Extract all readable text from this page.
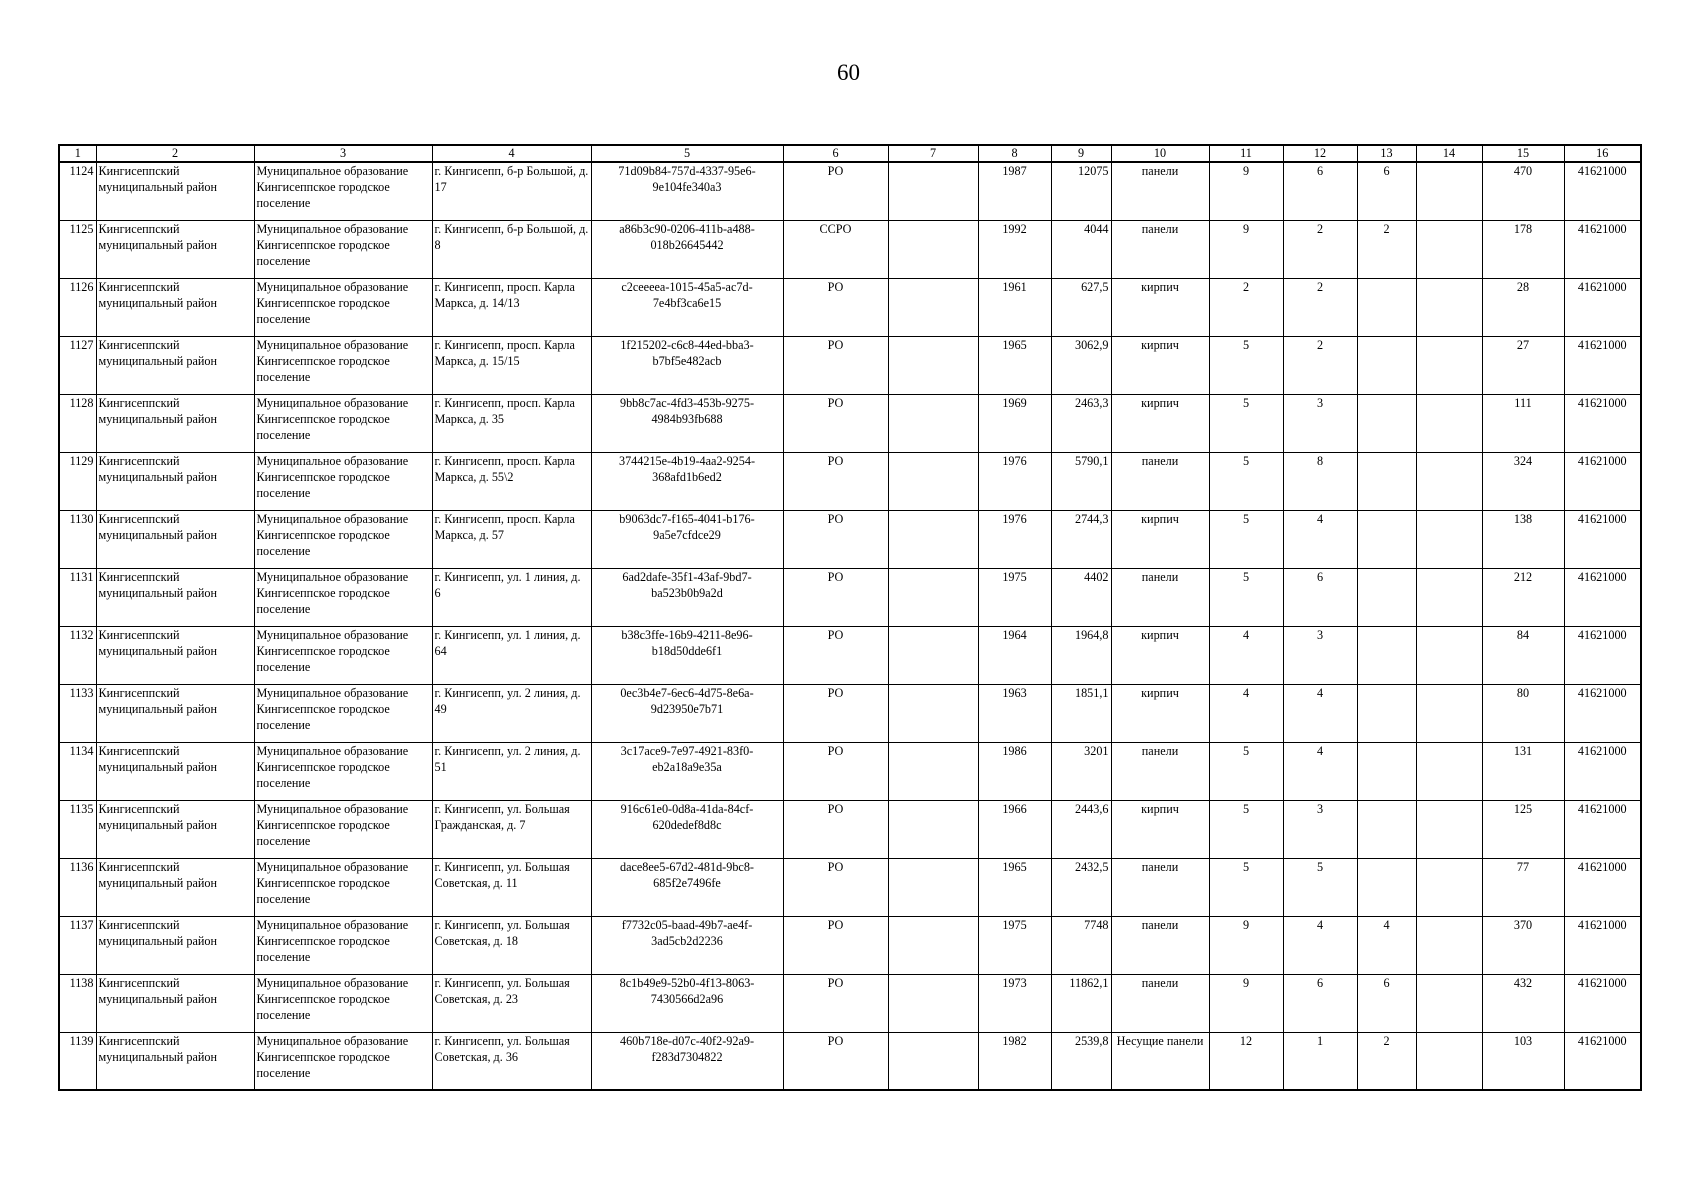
60
1	2	3	4	5	6	7	8	9	10	11	12	13	14	15	16
1124	Кингисеппский муниципальный район	Муниципальное образование Кингисеппское городское поселение	г. Кингисепп, б-р Большой, д. 17	71d09b84-757d-4337-95e6-9e104fe340a3	РО		1987	12075	панели	9	6	6		470	41621000
1125	Кингисеппский муниципальный район	Муниципальное образование Кингисеппское городское поселение	г. Кингисепп, б-р Большой, д. 8	a86b3c90-0206-411b-a488-018b26645442	ССРО		1992	4044	панели	9	2	2		178	41621000
1126	Кингисеппский муниципальный район	Муниципальное образование Кингисеппское городское поселение	г. Кингисепп, просп. Карла Маркса, д. 14/13	c2ceeeea-1015-45a5-ac7d-7e4bf3ca6e15	РО		1961	627,5	кирпич	2	2			28	41621000
1127	Кингисеппский муниципальный район	Муниципальное образование Кингисеппское городское поселение	г. Кингисепп, просп. Карла Маркса, д. 15/15	1f215202-c6c8-44ed-bba3-b7bf5e482acb	РО		1965	3062,9	кирпич	5	2			27	41621000
1128	Кингисеппский муниципальный район	Муниципальное образование Кингисеппское городское поселение	г. Кингисепп, просп. Карла Маркса, д. 35	9bb8c7ac-4fd3-453b-9275-4984b93fb688	РО		1969	2463,3	кирпич	5	3			111	41621000
1129	Кингисеппский муниципальный район	Муниципальное образование Кингисеппское городское поселение	г. Кингисепп, просп. Карла Маркса, д. 55\2	3744215e-4b19-4aa2-9254-368afd1b6ed2	РО		1976	5790,1	панели	5	8			324	41621000
1130	Кингисеппский муниципальный район	Муниципальное образование Кингисеппское городское поселение	г. Кингисепп, просп. Карла Маркса, д. 57	b9063dc7-f165-4041-b176-9a5e7cfdce29	РО		1976	2744,3	кирпич	5	4			138	41621000
1131	Кингисеппский муниципальный район	Муниципальное образование Кингисеппское городское поселение	г. Кингисепп, ул. 1 линия, д. 6	6ad2dafe-35f1-43af-9bd7-ba523b0b9a2d	РО		1975	4402	панели	5	6			212	41621000
1132	Кингисеппский муниципальный район	Муниципальное образование Кингисеппское городское поселение	г. Кингисепп, ул. 1 линия, д. 64	b38c3ffe-16b9-4211-8e96-b18d50dde6f1	РО		1964	1964,8	кирпич	4	3			84	41621000
1133	Кингисеппский муниципальный район	Муниципальное образование Кингисеппское городское поселение	г. Кингисепп, ул. 2 линия, д. 49	0ec3b4e7-6ec6-4d75-8e6a-9d23950e7b71	РО		1963	1851,1	кирпич	4	4			80	41621000
1134	Кингисеппский муниципальный район	Муниципальное образование Кингисеппское городское поселение	г. Кингисепп, ул. 2 линия, д. 51	3c17ace9-7e97-4921-83f0-eb2a18a9e35a	РО		1986	3201	панели	5	4			131	41621000
1135	Кингисеппский муниципальный район	Муниципальное образование Кингисеппское городское поселение	г. Кингисепп, ул. Большая Гражданская, д. 7	916c61e0-0d8a-41da-84cf-620dedef8d8c	РО		1966	2443,6	кирпич	5	3			125	41621000
1136	Кингисеппский муниципальный район	Муниципальное образование Кингисеппское городское поселение	г. Кингисепп, ул. Большая Советская, д. 11	dace8ee5-67d2-481d-9bc8-685f2e7496fe	РО		1965	2432,5	панели	5	5			77	41621000
1137	Кингисеппский муниципальный район	Муниципальное образование Кингисеппское городское поселение	г. Кингисепп, ул. Большая Советская, д. 18	f7732c05-baad-49b7-ae4f-3ad5cb2d2236	РО		1975	7748	панели	9	4	4		370	41621000
1138	Кингисеппский муниципальный район	Муниципальное образование Кингисеппское городское поселение	г. Кингисепп, ул. Большая Советская, д. 23	8c1b49e9-52b0-4f13-8063-7430566d2a96	РО		1973	11862,1	панели	9	6	6		432	41621000
1139	Кингисеппский муниципальный район	Муниципальное образование Кингисеппское городское поселение	г. Кингисепп, ул. Большая Советская, д. 36	460b718e-d07c-40f2-92a9-f283d7304822	РО		1982	2539,8	Несущие панели	12	1	2		103	41621000
